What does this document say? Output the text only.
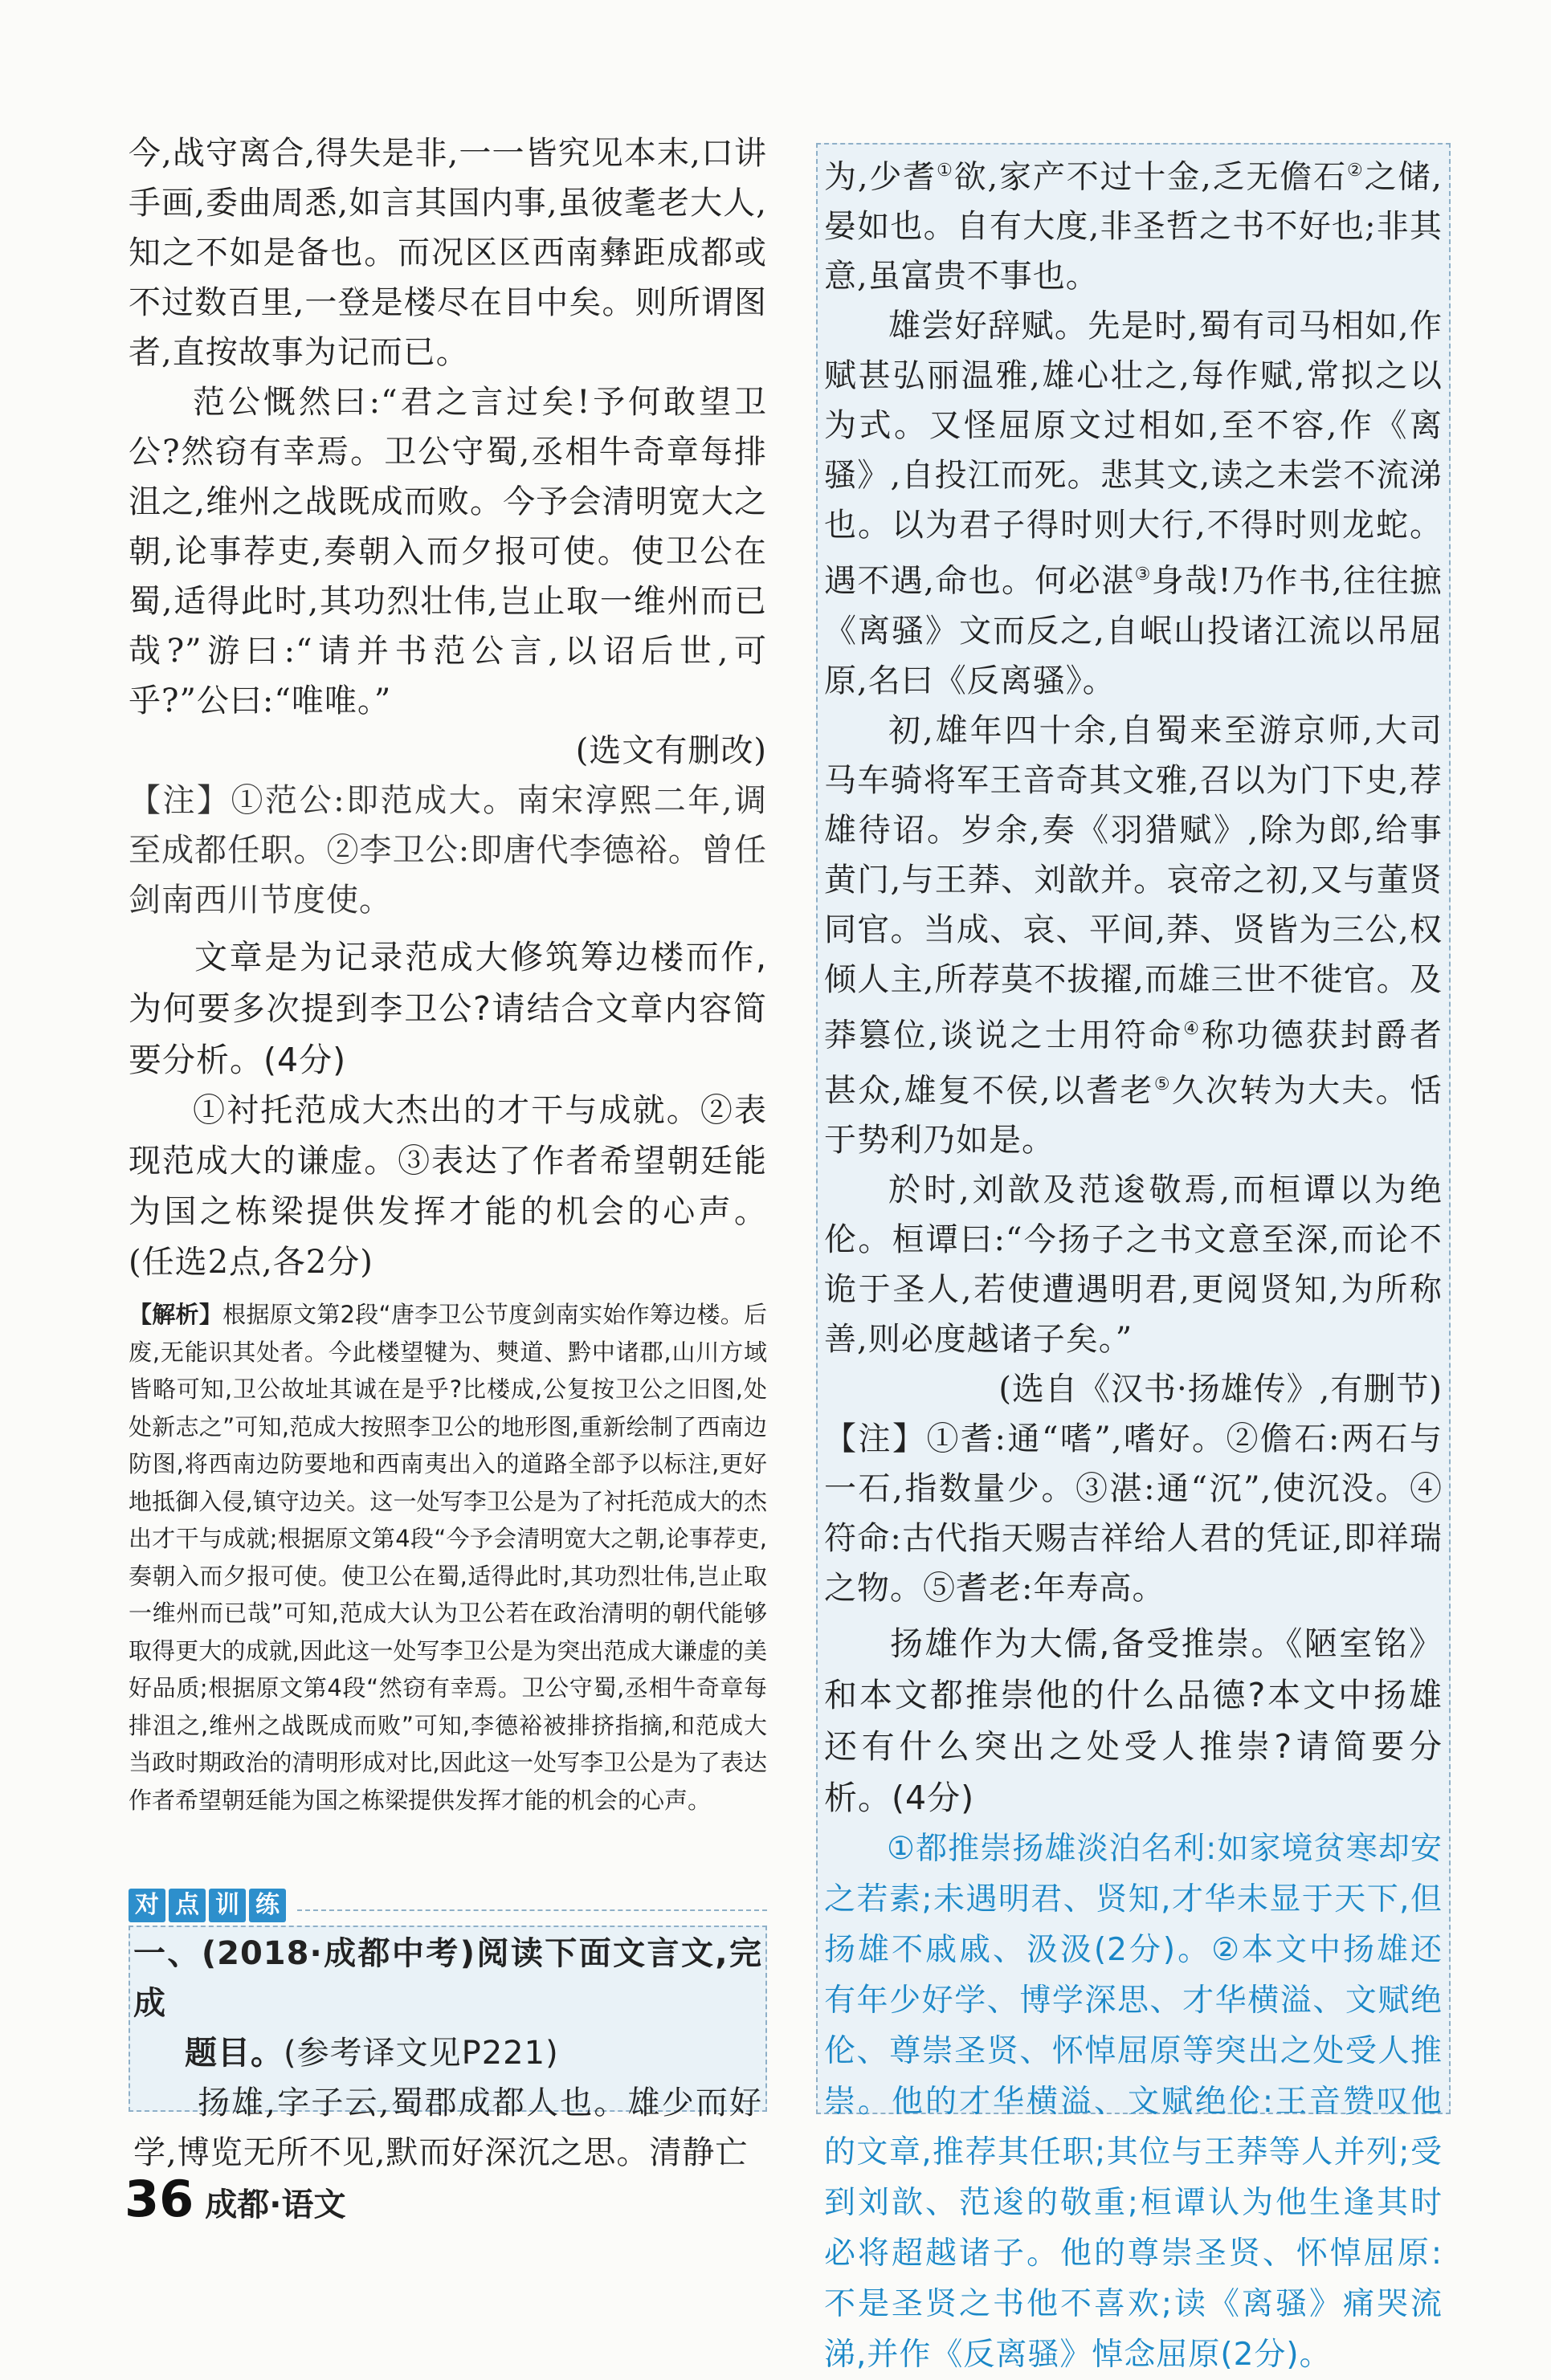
今,战守离合,得失是非,一一皆究见本末,口讲手画,委曲周悉,如言其国内事,虽彼耄老大人,知之不如是备也。而况区区西南彝距成都或不过数百里,一登是楼尽在目中矣。则所谓图者,直按故事为记而已。

范公慨然曰:“君之言过矣!予何敢望卫公?然窃有幸焉。卫公守蜀,丞相牛奇章每排沮之,维州之战既成而败。今予会清明宽大之朝,论事荐吏,奏朝入而夕报可使。使卫公在蜀,适得此时,其功烈壮伟,岂止取一维州而已哉?”游曰:“请并书范公言,以诏后世,可乎?”公曰:“唯唯。”

(选文有删改)

【注】①范公:即范成大。南宋淳熙二年,调至成都任职。②李卫公:即唐代李德裕。曾任剑南西川节度使。

文章是为记录范成大修筑筹边楼而作,为何要多次提到李卫公?请结合文章内容简要分析。(4分)

①衬托范成大杰出的才干与成就。②表现范成大的谦虚。③表达了作者希望朝廷能为国之栋梁提供发挥才能的机会的心声。(任选2点,各2分)

【解析】根据原文第2段“唐李卫公节度剑南实始作筹边楼。后废,无能识其处者。今此楼望犍为、僰道、黔中诸郡,山川方域皆略可知,卫公故址其诚在是乎?比楼成,公复按卫公之旧图,处处新志之”可知,范成大按照李卫公的地形图,重新绘制了西南边防图,将西南边防要地和西南夷出入的道路全部予以标注,更好地抵御入侵,镇守边关。这一处写李卫公是为了衬托范成大的杰出才干与成就;根据原文第4段“今予会清明宽大之朝,论事荐吏,奏朝入而夕报可使。使卫公在蜀,适得此时,其功烈壮伟,岂止取一维州而已哉”可知,范成大认为卫公若在政治清明的朝代能够取得更大的成就,因此这一处写李卫公是为突出范成大谦虚的美好品质;根据原文第4段“然窃有幸焉。卫公守蜀,丞相牛奇章每排沮之,维州之战既成而败”可知,李德裕被排挤指摘,和范成大当政时期政治的清明形成对比,因此这一处写李卫公是为了表达作者希望朝廷能为国之栋梁提供发挥才能的机会的心声。

对 点 训 练

一、(2018·成都中考)阅读下面文言文,完成

题目。(参考译文见P221)

扬雄,字子云,蜀郡成都人也。雄少而好学,博览无所不见,默而好深沉之思。清静亡

为,少耆①欲,家产不过十金,乏无儋石②之储,晏如也。自有大度,非圣哲之书不好也;非其意,虽富贵不事也。

雄尝好辞赋。先是时,蜀有司马相如,作赋甚弘丽温雅,雄心壮之,每作赋,常拟之以为式。又怪屈原文过相如,至不容,作《离骚》,自投江而死。悲其文,读之未尝不流涕也。以为君子得时则大行,不得时则龙蛇。遇不遇,命也。何必湛③身哉!乃作书,往往摭《离骚》文而反之,自岷山投诸江流以吊屈原,名曰《反离骚》。

初,雄年四十余,自蜀来至游京师,大司马车骑将军王音奇其文雅,召以为门下史,荐雄待诏。岁余,奏《羽猎赋》,除为郎,给事黄门,与王莽、刘歆并。哀帝之初,又与董贤同官。当成、哀、平间,莽、贤皆为三公,权倾人主,所荐莫不拔擢,而雄三世不徙官。及莽篡位,谈说之士用符命④称功德获封爵者甚众,雄复不侯,以耆老⑤久次转为大夫。恬于势利乃如是。

於时,刘歆及范逡敬焉,而桓谭以为绝伦。桓谭曰:“今扬子之书文意至深,而论不诡于圣人,若使遭遇明君,更阅贤知,为所称善,则必度越诸子矣。”

(选自《汉书·扬雄传》,有删节)

【注】①耆:通“嗜”,嗜好。②儋石:两石与一石,指数量少。③湛:通“沉”,使沉没。④符命:古代指天赐吉祥给人君的凭证,即祥瑞之物。⑤耆老:年寿高。

扬雄作为大儒,备受推崇。《陋室铭》和本文都推崇他的什么品德?本文中扬雄还有什么突出之处受人推崇?请简要分析。(4分)

①都推崇扬雄淡泊名利:如家境贫寒却安之若素;未遇明君、贤知,才华未显于天下,但扬雄不戚戚、汲汲(2分)。②本文中扬雄还有年少好学、博学深思、才华横溢、文赋绝伦、尊崇圣贤、怀悼屈原等突出之处受人推崇。他的才华横溢、文赋绝伦:王音赞叹他的文章,推荐其任职;其位与王莽等人并列;受到刘歆、范逡的敬重;桓谭认为他生逢其时必将超越诸子。他的尊崇圣贤、怀悼屈原:不是圣贤之书他不喜欢;读《离骚》痛哭流涕,并作《反离骚》悼念屈原(2分)。

36 成都·语文
